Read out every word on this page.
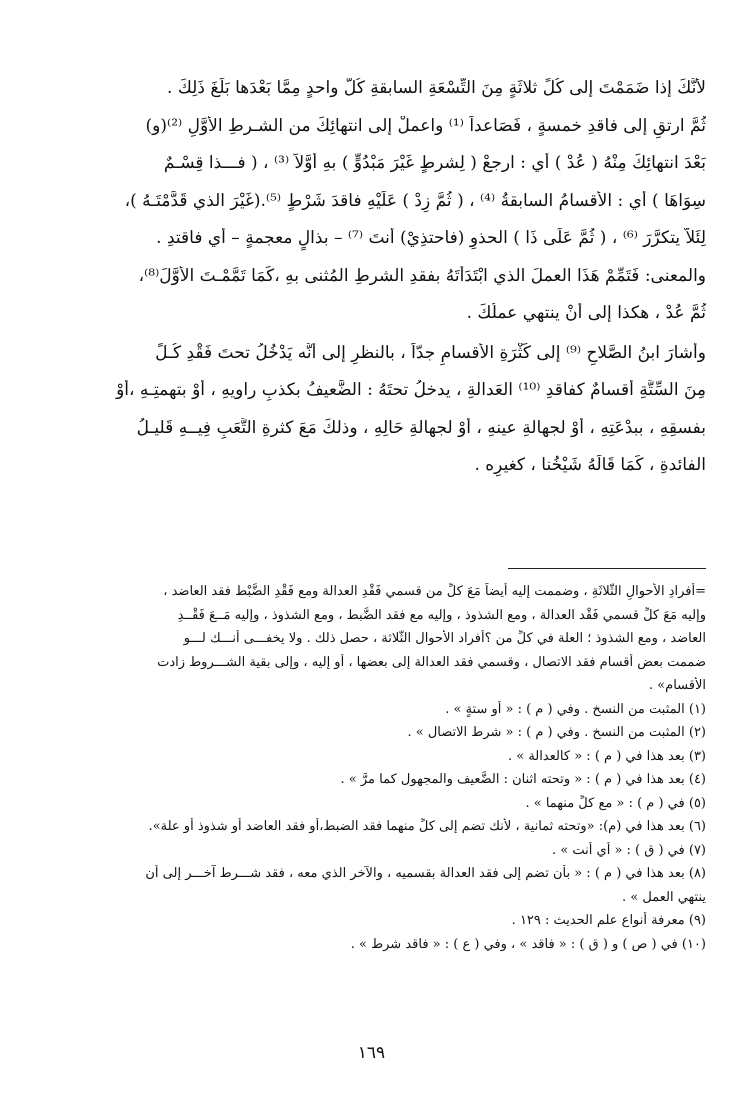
لأنَّكَ إذا ضَمَمْتَ إلى كُلٍّ ثلاثَةٍ مِنَ التِّسْعَةِ السابقةِ كُلَّ واحدٍ مِمَّا بَعْدَها بَلَغَ ذَلِكَ .
ثُمَّ ارتقِ إلى فاقدِ خمسةٍ ، فَصَاعداً ⁽¹⁾ واعملْ إلى انتهائِكَ من الشـرطِ الأوَّلِ ⁽²⁾(و)
بَعْدَ انتهائِكَ مِنْهُ ( عُدْ ) أي : ارجعْ ( لِشرطٍ غَيْرَ مَبْدُوٍّ ) بهِ أوَّلاً ⁽³⁾ ، ( فـــذا قِسْـمٌ
سِوَاهَا ) أي : الأقسامُ السابقةُ ⁽⁴⁾ ، ( ثُمَّ زِدْ ) عَلَيْهِ فاقدَ شَرْطٍ ⁽⁵⁾.(غَيْرَ الذي قَدَّمْتَـهُ )،
لِئَلاَّ يتكرَّرَ ⁽⁶⁾ ، ( ثُمَّ عَلَى ذَا ) الحذوِ (فاحتذِيْ) أنتَ ⁽⁷⁾ – بذالٍ معجمةٍ – أي فاقتدِ .
والمعنى: فَتَمِّمْ هَذَا العملَ الذي ابْتَدَأْتَهُ بفقدِ الشرطِ المُثنى بهِ ،كَمَا تَمَّمْـتَ الأوَّلَ⁽⁸⁾،
ثُمَّ عُدْ ، هكذا إلى أنْ ينتهي عملُكَ .
وأشارَ ابنُ الصَّلاحِ ⁽⁹⁾ إلى كَثْرَةِ الأقسامِ جدّاً ، بالنظرِ إلى أنَّه يَدْخُلُ تحتَ فَقْدِ كُـلٍّ
مِنَ السِّتَّةِ أقسامٌ كفاقدِ ⁽¹⁰⁾ العَدالةِ ، يدخلُ تحتَهُ : الضَّعيفُ بكذبِ راويهِ ، أَوْ بتهمتِـهِ ،أَوْ
بفسقِهِ ، ببدْعَتِهِ ، أَوْ لجهالةِ عينهِ ، أَوْ لجهالةِ حَالِهِ ، وذلكَ مَعَ كثرةِ التَّعَبِ فِيــهِ قَليـلُ
الفائدةِ ، كَمَا قَالَهُ شَيْخُنا ، كغيرِه .
=أفرادِ الأحوالِ الثَّلاثَةِ ، وضممت إليه أيضاً مَعَ كلٍّ من قسمي فَقْدِ العدالة ومع فَقْدِ الضَّبْط فقد العاضد ،
وإليه مَعَ كلٍّ قسمي فَقْد العدالة ، ومع الشذوذ ، وإليه مع فقد الضَّبط ، ومع الشذوذ ، وإليه مَــعَ فَقْــدِ
العاضد ، ومع الشذوذ ؛ العلة في كلٍّ من ؟أفراد الأحوال الثَّلاثة ، حصل ذلك . ولا يخفـــى أنـــك لـــو
ضممت بعض أقسام فقد الاتصال ، وقسمي فقد العدالة إلى بعضها ، أو إليه ، وإلى بقية الشـــروط زادت
الأقسام» .
(١) المثبت من النسخ . وفي ( م ) : « أو ستةٍ » .
(٢) المثبت من النسخ . وفي ( م ) : « شرط الاتصال » .
(٣) بعد هذا في ( م ) : « كالعدالة » .
(٤) بعد هذا في ( م ) : « وتحته اثنان : الضَّعيف والمجهول كما مرَّ » .
(٥) في ( م ) : « مع كلٍّ منهما » .
(٦) بعد هذا في (م): «وتحته ثمانية ، لأنك تضم إلى كلٍّ منهما فقد الضبط،أو فقد العاضد أو شذوذ أو علة».
(٧) في ( ق ) : « أي أنت » .
(٨) بعد هذا في ( م ) : « بأن تضم إلى فقد العدالة بقسميه ، والآخر الذي معه ، فقد شـــرط آخـــر إلى أن
ينتهي العمل » .
(٩) معرفة أنواع علم الحديث : ١٢٩ .
(١٠) في ( ص ) و ( ق ) : « فاقد » ، وفي ( ع ) : « فاقد شرط » .
١٦٩
